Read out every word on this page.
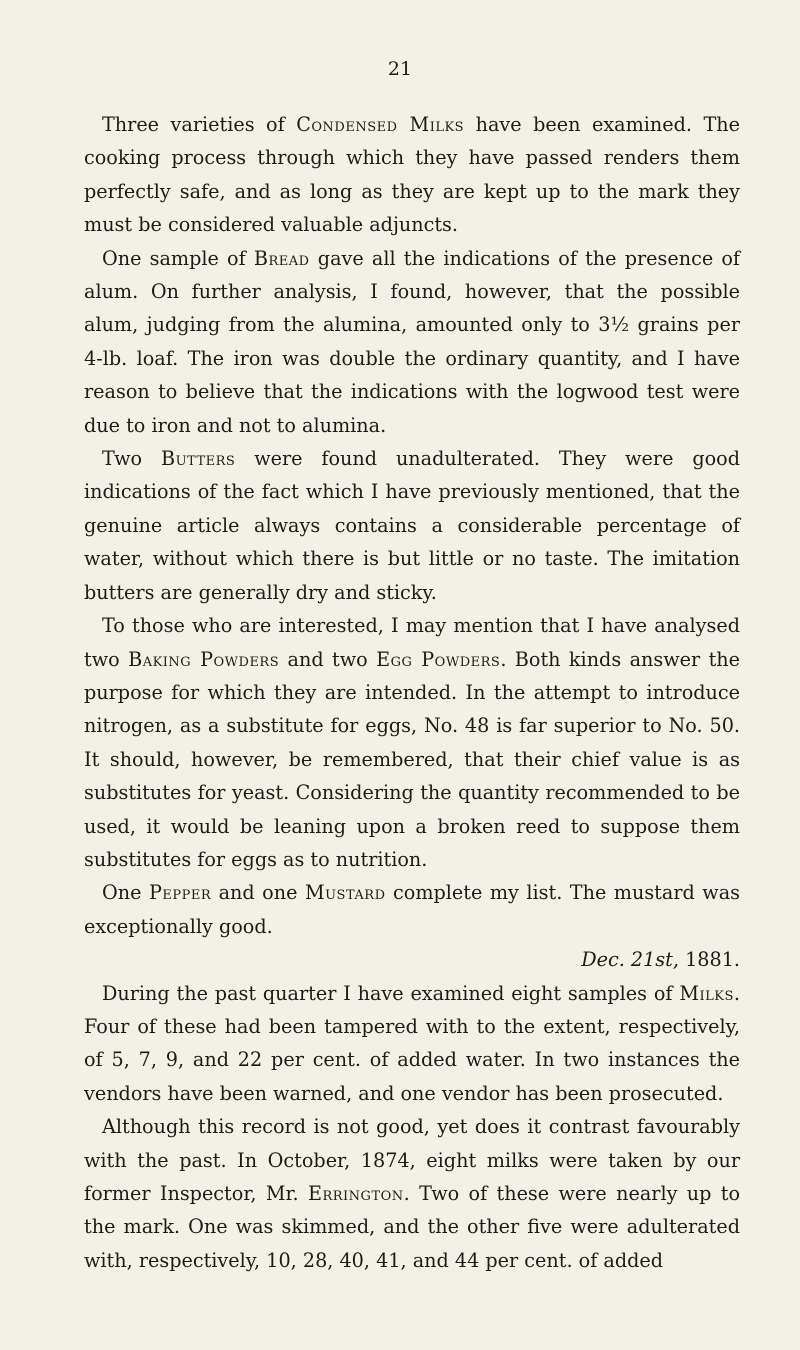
21

Three varieties of Condensed Milks have been examined. The cooking process through which they have passed renders them perfectly safe, and as long as they are kept up to the mark they must be considered valuable adjuncts.

One sample of Bread gave all the indications of the presence of alum. On further analysis, I found, however, that the possible alum, judging from the alumina, amounted only to 3½ grains per 4-lb. loaf. The iron was double the ordinary quantity, and I have reason to believe that the indications with the logwood test were due to iron and not to alumina.

Two Butters were found unadulterated. They were good indications of the fact which I have previously mentioned, that the genuine article always contains a considerable percentage of water, without which there is but little or no taste. The imitation butters are generally dry and sticky.

To those who are interested, I may mention that I have analysed two Baking Powders and two Egg Powders. Both kinds answer the purpose for which they are intended. In the attempt to introduce nitrogen, as a substitute for eggs, No. 48 is far superior to No. 50. It should, however, be remembered, that their chief value is as substitutes for yeast. Considering the quantity recommended to be used, it would be leaning upon a broken reed to suppose them substitutes for eggs as to nutrition.

One Pepper and one Mustard complete my list. The mustard was exceptionally good.

Dec. 21st, 1881.

During the past quarter I have examined eight samples of Milks. Four of these had been tampered with to the extent, respectively, of 5, 7, 9, and 22 per cent. of added water. In two instances the vendors have been warned, and one vendor has been prosecuted.

Although this record is not good, yet does it contrast favourably with the past. In October, 1874, eight milks were taken by our former Inspector, Mr. Errington. Two of these were nearly up to the mark. One was skimmed, and the other five were adulterated with, respectively, 10, 28, 40, 41, and 44 per cent. of added
